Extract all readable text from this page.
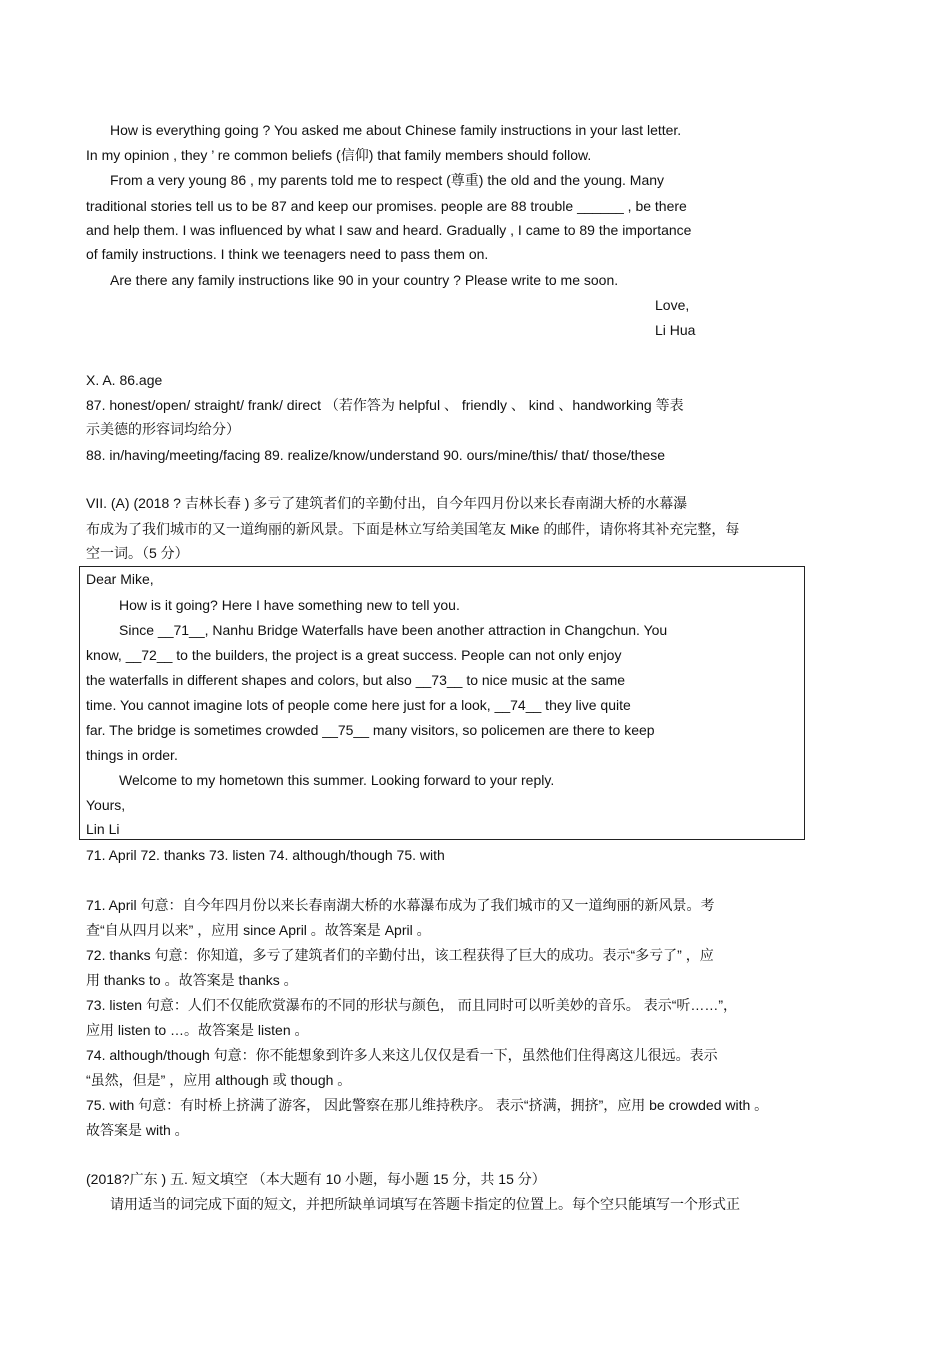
How is everything going ? You asked me about Chinese family instructions in your last letter.
In my opinion , they ’ re common beliefs (信仰) that family members should follow.
From a very young 86 , my parents told me to respect (尊重) the old and the young. Many
traditional stories tell us to be 87 and keep our promises. people are 88 trouble ______ , be there
and help them. I was influenced by what I saw and heard. Gradually , I came to 89 the importance
of family instructions. I think we teenagers need to pass them on.
Are there any family instructions like 90 in your country ? Please write to me soon.
Love,
Li Hua
X. A. 86.age
87. honest/open/ straight/ frank/ direct （若作答为 helpful 、 friendly 、 kind 、handworking 等表
示美德的形容词均给分）
88. in/having/meeting/facing 89. realize/know/understand 90. ours/mine/this/ that/ those/these
VII. (A) (2018 ? 吉林长春 ) 多亏了建筑者们的辛勤付出，自今年四月份以来长春南湖大桥的水幕瀑
布成为了我们城市的又一道绚丽的新风景。下面是林立写给美国笔友 Mike 的邮件，请你将其补充完整，每
空一词。（5 分）
Dear Mike,
How is it going? Here I have something new to tell you.
Since __71__, Nanhu Bridge Waterfalls have been another attraction in Changchun. You
know, __72__ to the builders, the project is a great success. People can not only enjoy
the waterfalls in different shapes and colors, but also __73__ to nice music at the same
time. You cannot imagine lots of people come here just for a look, __74__ they live quite
far. The bridge is sometimes crowded __75__ many visitors, so policemen are there to keep
things in order.
Welcome to my hometown this summer. Looking forward to your reply.
Yours,
Lin Li
71. April 72. thanks 73. listen 74. although/though 75. with
71. April 句意：自今年四月份以来长春南湖大桥的水幕瀑布成为了我们城市的又一道绚丽的新风景。考
查“自从四月以来” ，应用 since April 。故答案是 April 。
72. thanks 句意：你知道，多亏了建筑者们的辛勤付出，该工程获得了巨大的成功。表示“多亏了” ，应
用 thanks to 。故答案是 thanks 。
73. listen 句意：人们不仅能欣赏瀑布的不同的形状与颜色， 而且同时可以听美妙的音乐。 表示“听……”，
应用 listen to …。故答案是 listen 。
74. although/though 句意：你不能想象到许多人来这儿仅仅是看一下，虽然他们住得离这儿很远。表示
“虽然，但是” ，应用 although 或 though 。
75. with 句意：有时桥上挤满了游客， 因此警察在那儿维持秩序。 表示“挤满，拥挤”，应用 be crowded with 。
故答案是 with 。
(2018?广东 ) 五. 短文填空 （本大题有 10 小题，每小题 15 分，共 15 分）
请用适当的词完成下面的短文，并把所缺单词填写在答题卡指定的位置上。每个空只能填写一个形式正
